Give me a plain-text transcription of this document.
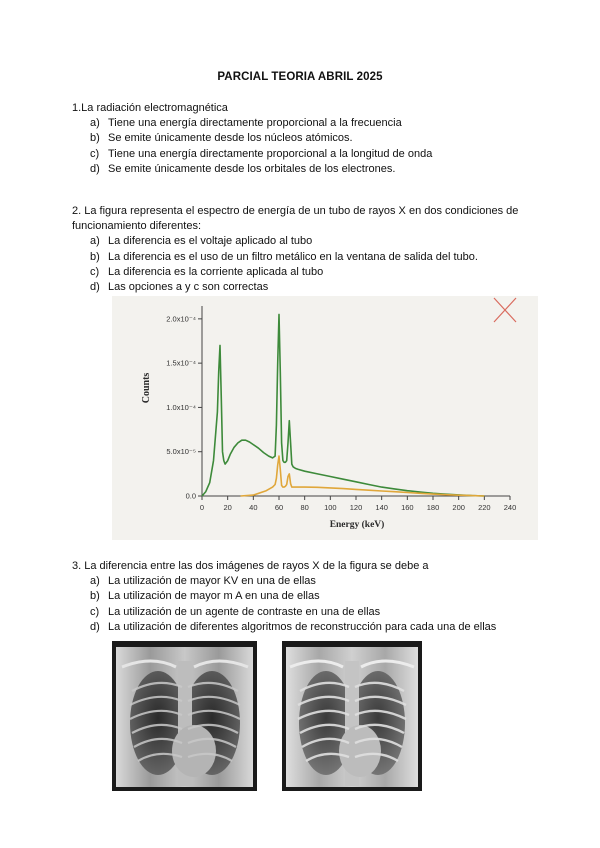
PARCIAL TEORIA ABRIL 2025
1.La radiación electromagnética
a) Tiene una energía directamente proporcional a la frecuencia
b) Se emite únicamente desde los núcleos atómicos.
c) Tiene una energía directamente proporcional a la longitud de onda
d) Se emite únicamente desde los orbitales de los electrones.
2. La figura representa el espectro de energía de un tubo de rayos X en dos condiciones de funcionamiento diferentes:
a) La diferencia es el voltaje aplicado al tubo
b) La diferencia es el uso de un filtro metálico en la ventana de salida del tubo.
c) La diferencia es la corriente aplicada al tubo
d) Las opciones a y c son correctas
Counts
Energy (keV)
0	20 40 60 80 100 120 140 160 180 200 220 240
0.0
5.0x10⁻⁵
1.0x10⁻⁴
1.5x10⁻⁴
2.0x10⁻⁴
3. La diferencia entre las dos imágenes de rayos X de la figura se debe a
a) La utilización de mayor KV en una de ellas
b) La utilización de mayor m A en una de ellas
c) La utilización de un agente de contraste en una de ellas
d) La utilización de diferentes algoritmos de reconstrucción para cada una de ellas
